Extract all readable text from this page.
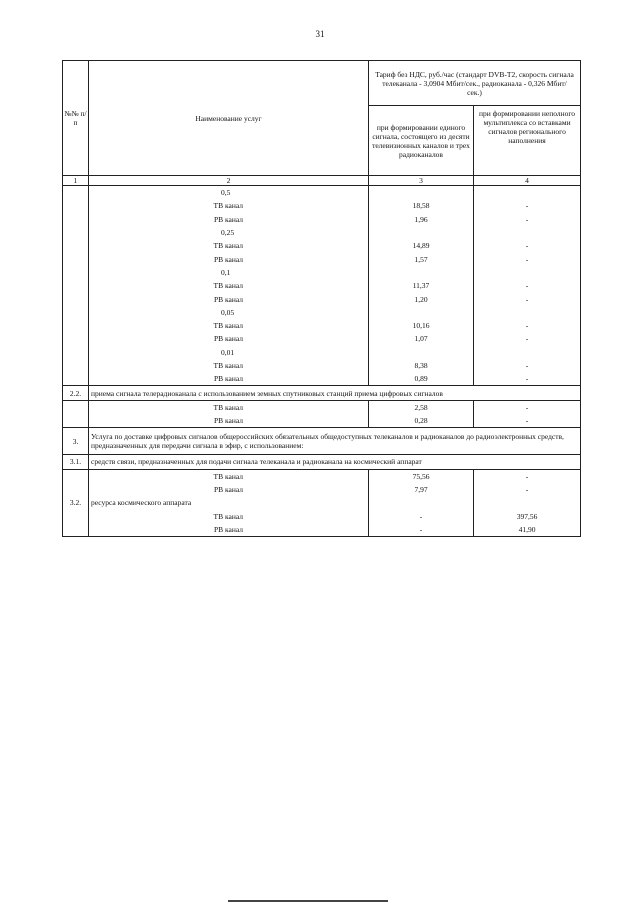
31
№№ п/п	Наименование услуг	Тариф без НДС, руб./час (стандарт DVB-T2, скорость сигнала телеканала - 3,0904 Мбит/сек., радиоканала - 0,326 Мбит/сек.)	
		при формировании единого сигнала, состоящего из десяти телевизионных каналов и трех радиоканалов	при формировании неполного мультиплекса со вставками сигналов регионального наполнения
1	2	3	4
	0,5		
	ТВ канал	18,58	-
	РВ канал	1,96	-
	0,25		
	ТВ канал	14,89	-
	РВ канал	1,57	-
	0,1		
	ТВ канал	11,37	-
	РВ канал	1,20	-
	0,05		
	ТВ канал	10,16	-
	РВ канал	1,07	-
	0,01		
	ТВ канал	8,38	-
	РВ канал	0,89	-
2.2.	приема сигнала телерадиоканала с использованием земных спутниковых станций приема цифровых сигналов		
	ТВ канал	2,58	-
	РВ канал	0,28	-
3.	Услуга по доставке цифровых сигналов общероссийских обязательных общедоступных телеканалов и радиоканалов до радиоэлектронных средств, предназначенных для передачи сигнала в эфир, с использованием:		
3.1.	средств связи, предназначенных для подачи сигнала телеканала и радиоканала на космический аппарат		
	ТВ канал	75,56	-
	РВ канал	7,97	-
3.2.	ресурса космического аппарата		
	ТВ канал	-	397,56
	РВ канал	-	41,90
